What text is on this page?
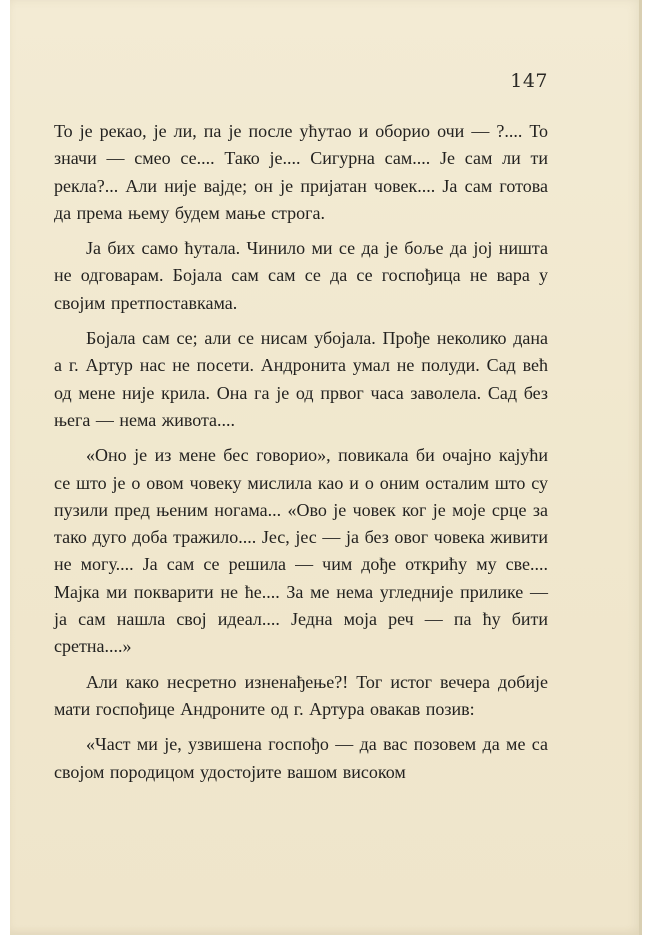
147

То је рекао, је ли, па је после ућутао и оборио очи — ?.... То значи — смео се.... Тако је.... Сигурна сам.... Је сам ли ти рекла?... Али није вајде; он је пријатан човек.... Ја сам готова да према њему будем мање строга.

Ја бих само ћутала. Чинило ми се да је боље да јој ништа не одговарам. Бојала сам сам се да се госпођица не вара у својим претпоставкама.

Бојала сам се; али се нисам убојала. Прође неколико дана а г. Артур нас не посети. Андронита умал не полуди. Сад већ од мене није крила. Она га је од првог часа заволела. Сад без њега — нема живота....

«Оно је из мене бес говорио», повикала би очајно кајући се што је о овом човеку мислила као и о оним осталим што су пузили пред њеним ногама... «Ово је човек ког је моје срце за тако дуго доба тражило.... Јес, јес — ја без овог човека живити не могу.... Ја сам се решила — чим дође открићу му све.... Мајка ми покварити не ће.... За ме нема угледније прилике — ја сам нашла свој идеал.... Једна моја реч — па ћу бити сретна....»

Али како несретно изненађење?! Тог истог вечера добије мати госпођице Андроните од г. Артура овакав позив:

«Част ми је, узвишена госпођо — да вас позовем да ме са својом породицом удостојите вашом високом
